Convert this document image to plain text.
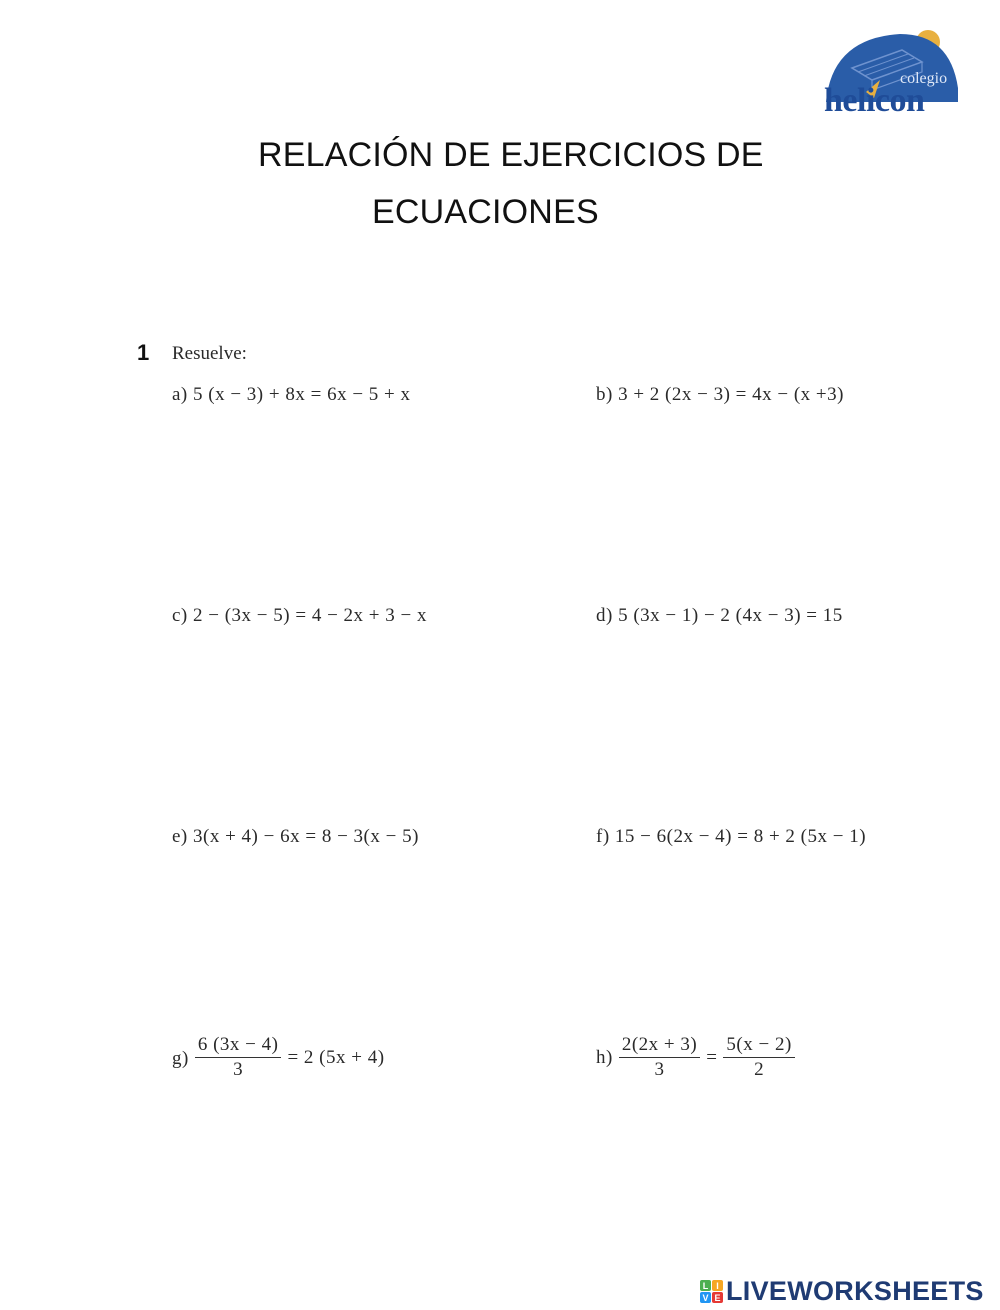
colegio
helicon
RELACIÓN DE EJERCICIOS DE
ECUACIONES
1 Resuelve:
a) 5 (x − 3) + 8x = 6x − 5 + x	b) 3 + 2 (2x − 3) = 4x − (x +3)
c) 2 − (3x − 5) = 4 − 2x + 3 − x	d) 5 (3x − 1) − 2 (4x − 3) = 15
e) 3(x + 4) − 6x = 8 − 3(x − 5)	f) 15 − 6(2x − 4) = 8 + 2 (5x − 1)
$g) \frac{6 (3x - 4)}{3} = 2$ (5x + 4)	$h) \frac{2(2x + 3)}{3} = \frac{5(x - 2)}{2}$
L I
V E LIVEWORKSHEETS
